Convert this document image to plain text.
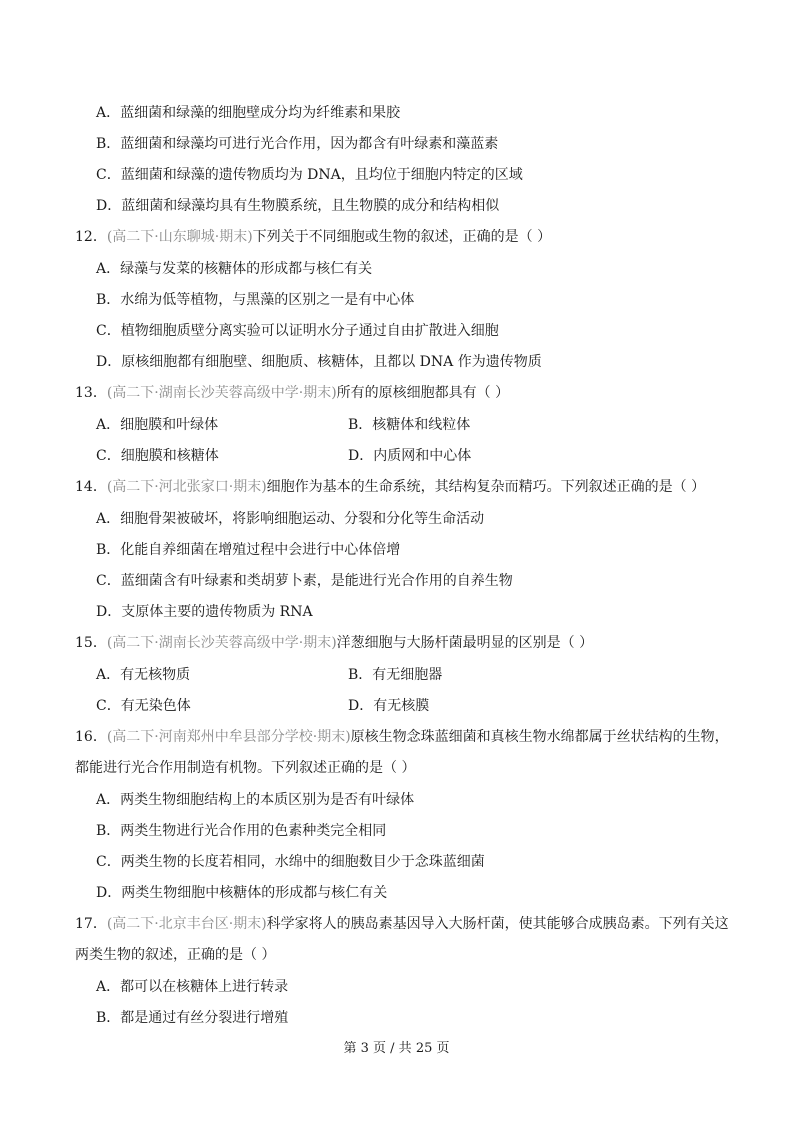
A．蓝细菌和绿藻的细胞壁成分均为纤维素和果胶
B．蓝细菌和绿藻均可进行光合作用，因为都含有叶绿素和藻蓝素
C．蓝细菌和绿藻的遗传物质均为 DNA，且均位于细胞内特定的区域
D．蓝细菌和绿藻均具有生物膜系统，且生物膜的成分和结构相似
12．(高二下·山东聊城·期末)下列关于不同细胞或生物的叙述，正确的是（ ）
A．绿藻与发菜的核糖体的形成都与核仁有关
B．水绵为低等植物，与黑藻的区别之一是有中心体
C．植物细胞质壁分离实验可以证明水分子通过自由扩散进入细胞
D．原核细胞都有细胞壁、细胞质、核糖体，且都以 DNA 作为遗传物质
13．(高二下·湖南长沙芙蓉高级中学·期末)所有的原核细胞都具有（ ）
A．细胞膜和叶绿体	B．核糖体和线粒体
C．细胞膜和核糖体	D．内质网和中心体
14．(高二下·河北张家口·期末)细胞作为基本的生命系统，其结构复杂而精巧。下列叙述正确的是（ ）
A．细胞骨架被破坏，将影响细胞运动、分裂和分化等生命活动
B．化能自养细菌在增殖过程中会进行中心体倍增
C．蓝细菌含有叶绿素和类胡萝卜素，是能进行光合作用的自养生物
D．支原体主要的遗传物质为 RNA
15．(高二下·湖南长沙芙蓉高级中学·期末)洋葱细胞与大肠杆菌最明显的区别是（ ）
A．有无核物质	B．有无细胞器
C．有无染色体	D．有无核膜
16．(高二下·河南郑州中牟县部分学校·期末)原核生物念珠蓝细菌和真核生物水绵都属于丝状结构的生物，
都能进行光合作用制造有机物。下列叙述正确的是（ ）
A．两类生物细胞结构上的本质区别为是否有叶绿体
B．两类生物进行光合作用的色素种类完全相同
C．两类生物的长度若相同，水绵中的细胞数目少于念珠蓝细菌
D．两类生物细胞中核糖体的形成都与核仁有关
17．(高二下·北京丰台区·期末)科学家将人的胰岛素基因导入大肠杆菌，使其能够合成胰岛素。下列有关这
两类生物的叙述，正确的是（ ）
A．都可以在核糖体上进行转录
B．都是通过有丝分裂进行增殖
第 3 页 / 共 25 页
